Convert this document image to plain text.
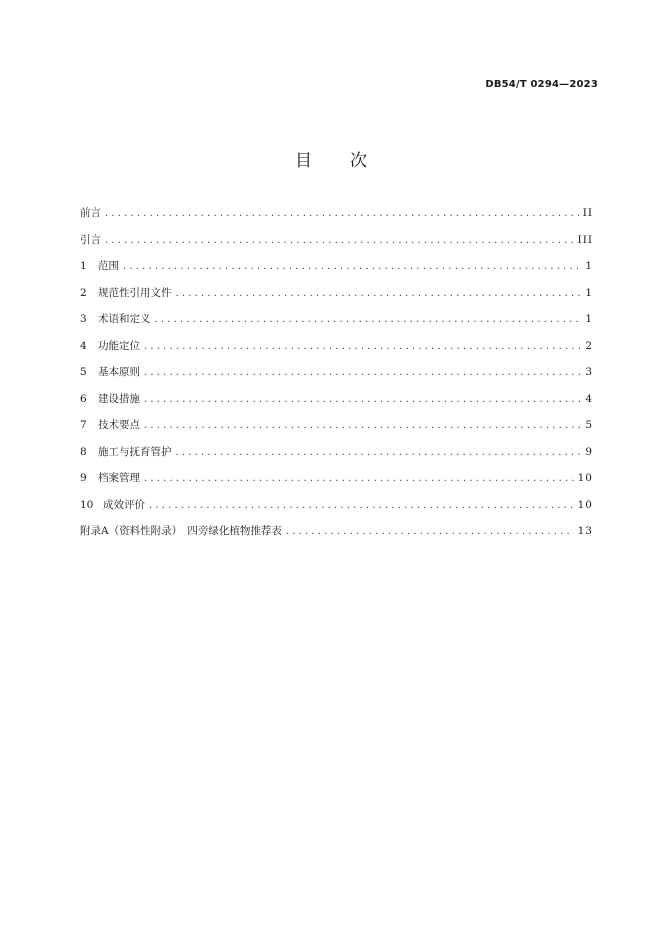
DB54/T 0294—2023
目次
前言 .....	II
引言 .....	III
1	范围 .....	1
2	规范性引用文件 .....	1
3	术语和定义 .....	1
4	功能定位 .....	2
5	基本原则 .....	3
6	建设措施 .....	4
7	技术要点 .....	5
8	施工与抚育管护 .....	9
9	档案管理 .....	10
10 成效评价 .....	10
附录A（资料性附录）　四旁绿化植物推荐表 .....	13
